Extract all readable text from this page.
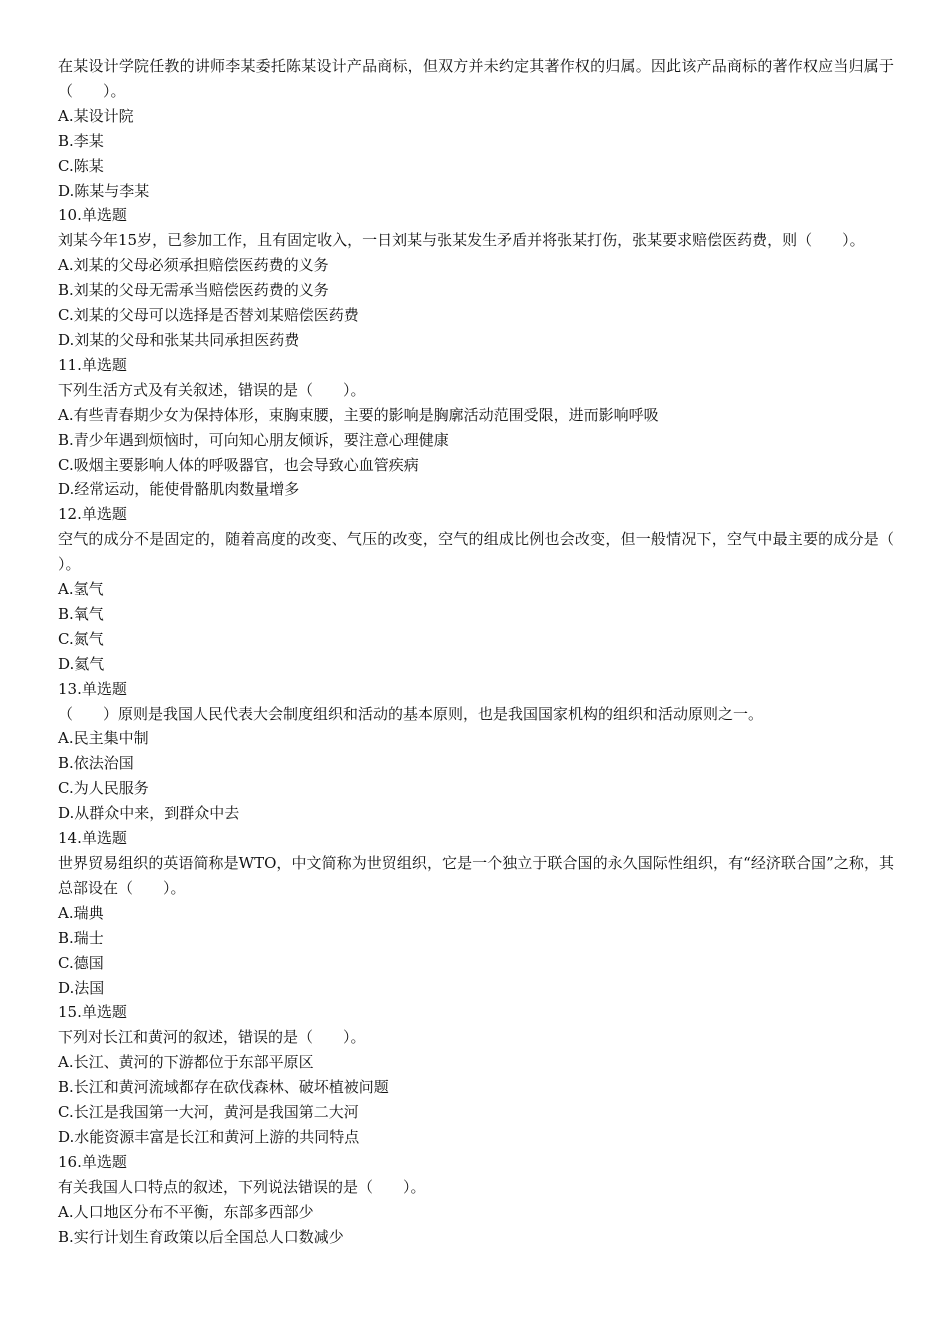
在某设计学院任教的讲师李某委托陈某设计产品商标，但双方并未约定其著作权的归属。因此该产品商标的著作权应当归属于（　　）。

A.某设计院

B.李某

C.陈某

D.陈某与李某

10.单选题

刘某今年15岁，已参加工作，且有固定收入，一日刘某与张某发生矛盾并将张某打伤，张某要求赔偿医药费，则（　　）。

A.刘某的父母必须承担赔偿医药费的义务

B.刘某的父母无需承当赔偿医药费的义务

C.刘某的父母可以选择是否替刘某赔偿医药费

D.刘某的父母和张某共同承担医药费

11.单选题

下列生活方式及有关叙述，错误的是（　　）。

A.有些青春期少女为保持体形，束胸束腰，主要的影响是胸廓活动范围受限，进而影响呼吸

B.青少年遇到烦恼时，可向知心朋友倾诉，要注意心理健康

C.吸烟主要影响人体的呼吸器官，也会导致心血管疾病

D.经常运动，能使骨骼肌肉数量增多

12.单选题

空气的成分不是固定的，随着高度的改变、气压的改变，空气的组成比例也会改变，但一般情况下，空气中最主要的成分是（　　）。

A.氢气

B.氧气

C.氮气

D.氦气

13.单选题

（　　）原则是我国人民代表大会制度组织和活动的基本原则，也是我国国家机构的组织和活动原则之一。

A.民主集中制

B.依法治国

C.为人民服务

D.从群众中来，到群众中去

14.单选题

世界贸易组织的英语简称是WTO，中文简称为世贸组织，它是一个独立于联合国的永久国际性组织，有“经济联合国”之称，其总部设在（　　）。

A.瑞典

B.瑞士

C.德国

D.法国

15.单选题

下列对长江和黄河的叙述，错误的是（　　）。

A.长江、黄河的下游都位于东部平原区

B.长江和黄河流域都存在砍伐森林、破坏植被问题

C.长江是我国第一大河，黄河是我国第二大河

D.水能资源丰富是长江和黄河上游的共同特点

16.单选题

有关我国人口特点的叙述，下列说法错误的是（　　）。

A.人口地区分布不平衡，东部多西部少

B.实行计划生育政策以后全国总人口数减少
